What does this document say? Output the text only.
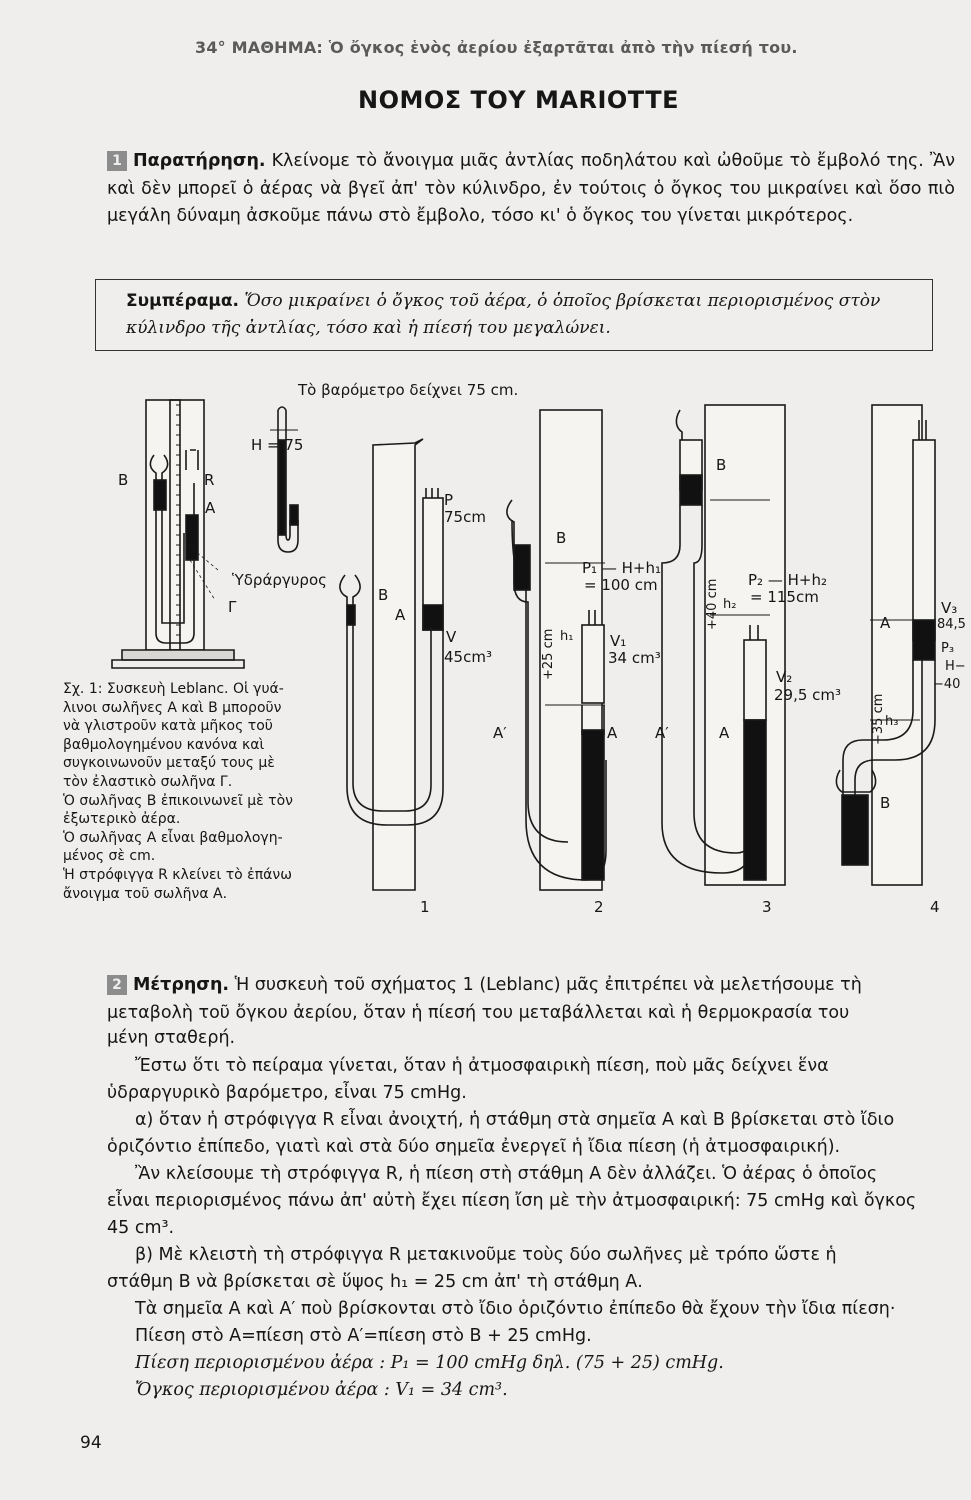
34° ΜΑΘΗΜΑ: Ὁ ὄγκος ἑνὸς ἀερίου ἐξαρτᾶται ἀπὸ τὴν πίεσή του.
ΝΟΜΟΣ ΤΟΥ MARIOTTE
1 Παρατήρηση. Κλείνομε τὸ ἄνοιγμα μιᾶς ἀντλίας ποδηλάτου καὶ ὠθοῦμε τὸ ἔμβολό της. Ἂν καὶ δὲν μπορεῖ ὁ ἀέρας νὰ βγεῖ ἀπ' τὸν κύλινδρο, ἐν τούτοις ὁ ὄγκος του μικραίνει καὶ ὅσο πιὸ μεγάλη δύναμη ἀσκοῦμε πάνω στὸ ἔμβολο, τόσο κι' ὁ ὄγκος του γίνεται μικρότερος.
Συμπέραμα. Ὅσο μικραίνει ὁ ὄγκος τοῦ ἀέρα, ὁ ὁποῖος βρίσκεται περιορισμένος στὸν κύλινδρο τῆς ἀντλίας, τόσο καὶ ἡ πίεσή του μεγαλώνει.
Τὸ βαρόμετρο δείχνει 75 cm.
B	R
A
Γ
H = 75
Ὑδράργυρος
P
75cm
B
A
V
45cm³
1
B
P₁ — H+h₁
= 100 cm
+25 cm h₁ V₁
34 cm³
A
A′
2
B
+40 cm h₂
P₂ — H+h₂
= 115cm
V₂
29,5 cm³
A
A′
3
A
−35 cm h₃
B
V₃
84,5
P₃
H−
−40
4
Σχ. 1: Συσκευὴ Leblanc. Οἱ γυά-
λινοι σωλῆνες Α καὶ Β μποροῦν
νὰ γλιστροῦν κατὰ μῆκος τοῦ
βαθμολογημένου κανόνα καὶ
συγκοινωνοῦν μεταξύ τους μὲ
τὸν ἐλαστικὸ σωλῆνα Γ.
Ὁ σωλῆνας Β ἐπικοινωνεῖ μὲ τὸν
ἐξωτερικὸ ἀέρα.
Ὁ σωλῆνας Α εἶναι βαθμολογη-
μένος σὲ cm.
Ἡ στρόφιγγα R κλείνει τὸ ἐπάνω
ἄνοιγμα τοῦ σωλῆνα Α.
2 Μέτρηση. Ἡ συσκευὴ τοῦ σχήματος 1 (Leblanc) μᾶς ἐπιτρέπει νὰ μελετήσουμε τὴ
μεταβολὴ τοῦ ὄγκου ἀερίου, ὅταν ἡ πίεσή του μεταβάλλεται καὶ ἡ θερμοκρασία του
μένη σταθερή.
Ἔστω ὅτι τὸ πείραμα γίνεται, ὅταν ἡ ἀτμοσφαιρικὴ πίεση, ποὺ μᾶς δείχνει ἕνα
ὑδραργυρικὸ βαρόμετρο, εἶναι 75 cmHg.
α) ὅταν ἡ στρόφιγγα R εἶναι ἀνοιχτή, ἡ στάθμη στὰ σημεῖα Α καὶ Β βρίσκεται στὸ ἴδιο
ὁριζόντιο ἐπίπεδο, γιατὶ καὶ στὰ δύο σημεῖα ἐνεργεῖ ἡ ἴδια πίεση (ἡ ἀτμοσφαιρική).
Ἂν κλείσουμε τὴ στρόφιγγα R, ἡ πίεση στὴ στάθμη Α δὲν ἀλλάζει. Ὁ ἀέρας ὁ ὁποῖος
εἶναι περιορισμένος πάνω ἀπ' αὐτὴ ἔχει πίεση ἴση μὲ τὴν ἀτμοσφαιρική: 75 cmHg καὶ ὄγκος
45 cm³.
β) Μὲ κλειστὴ τὴ στρόφιγγα R μετακινοῦμε τοὺς δύο σωλῆνες μὲ τρόπο ὥστε ἡ
στάθμη Β νὰ βρίσκεται σὲ ὕψος h₁ = 25 cm ἀπ' τὴ στάθμη Α.
Τὰ σημεῖα Α καὶ Α′ ποὺ βρίσκονται στὸ ἴδιο ὁριζόντιο ἐπίπεδο θὰ ἔχουν τὴν ἴδια πίεση·
Πίεση στὸ Α=πίεση στὸ Α′=πίεση στὸ Β + 25 cmHg.
Πίεση περιορισμένου ἀέρα : P₁ = 100 cmHg δηλ. (75 + 25) cmHg.
Ὄγκος περιορισμένου ἀέρα : V₁ = 34 cm³.
94
